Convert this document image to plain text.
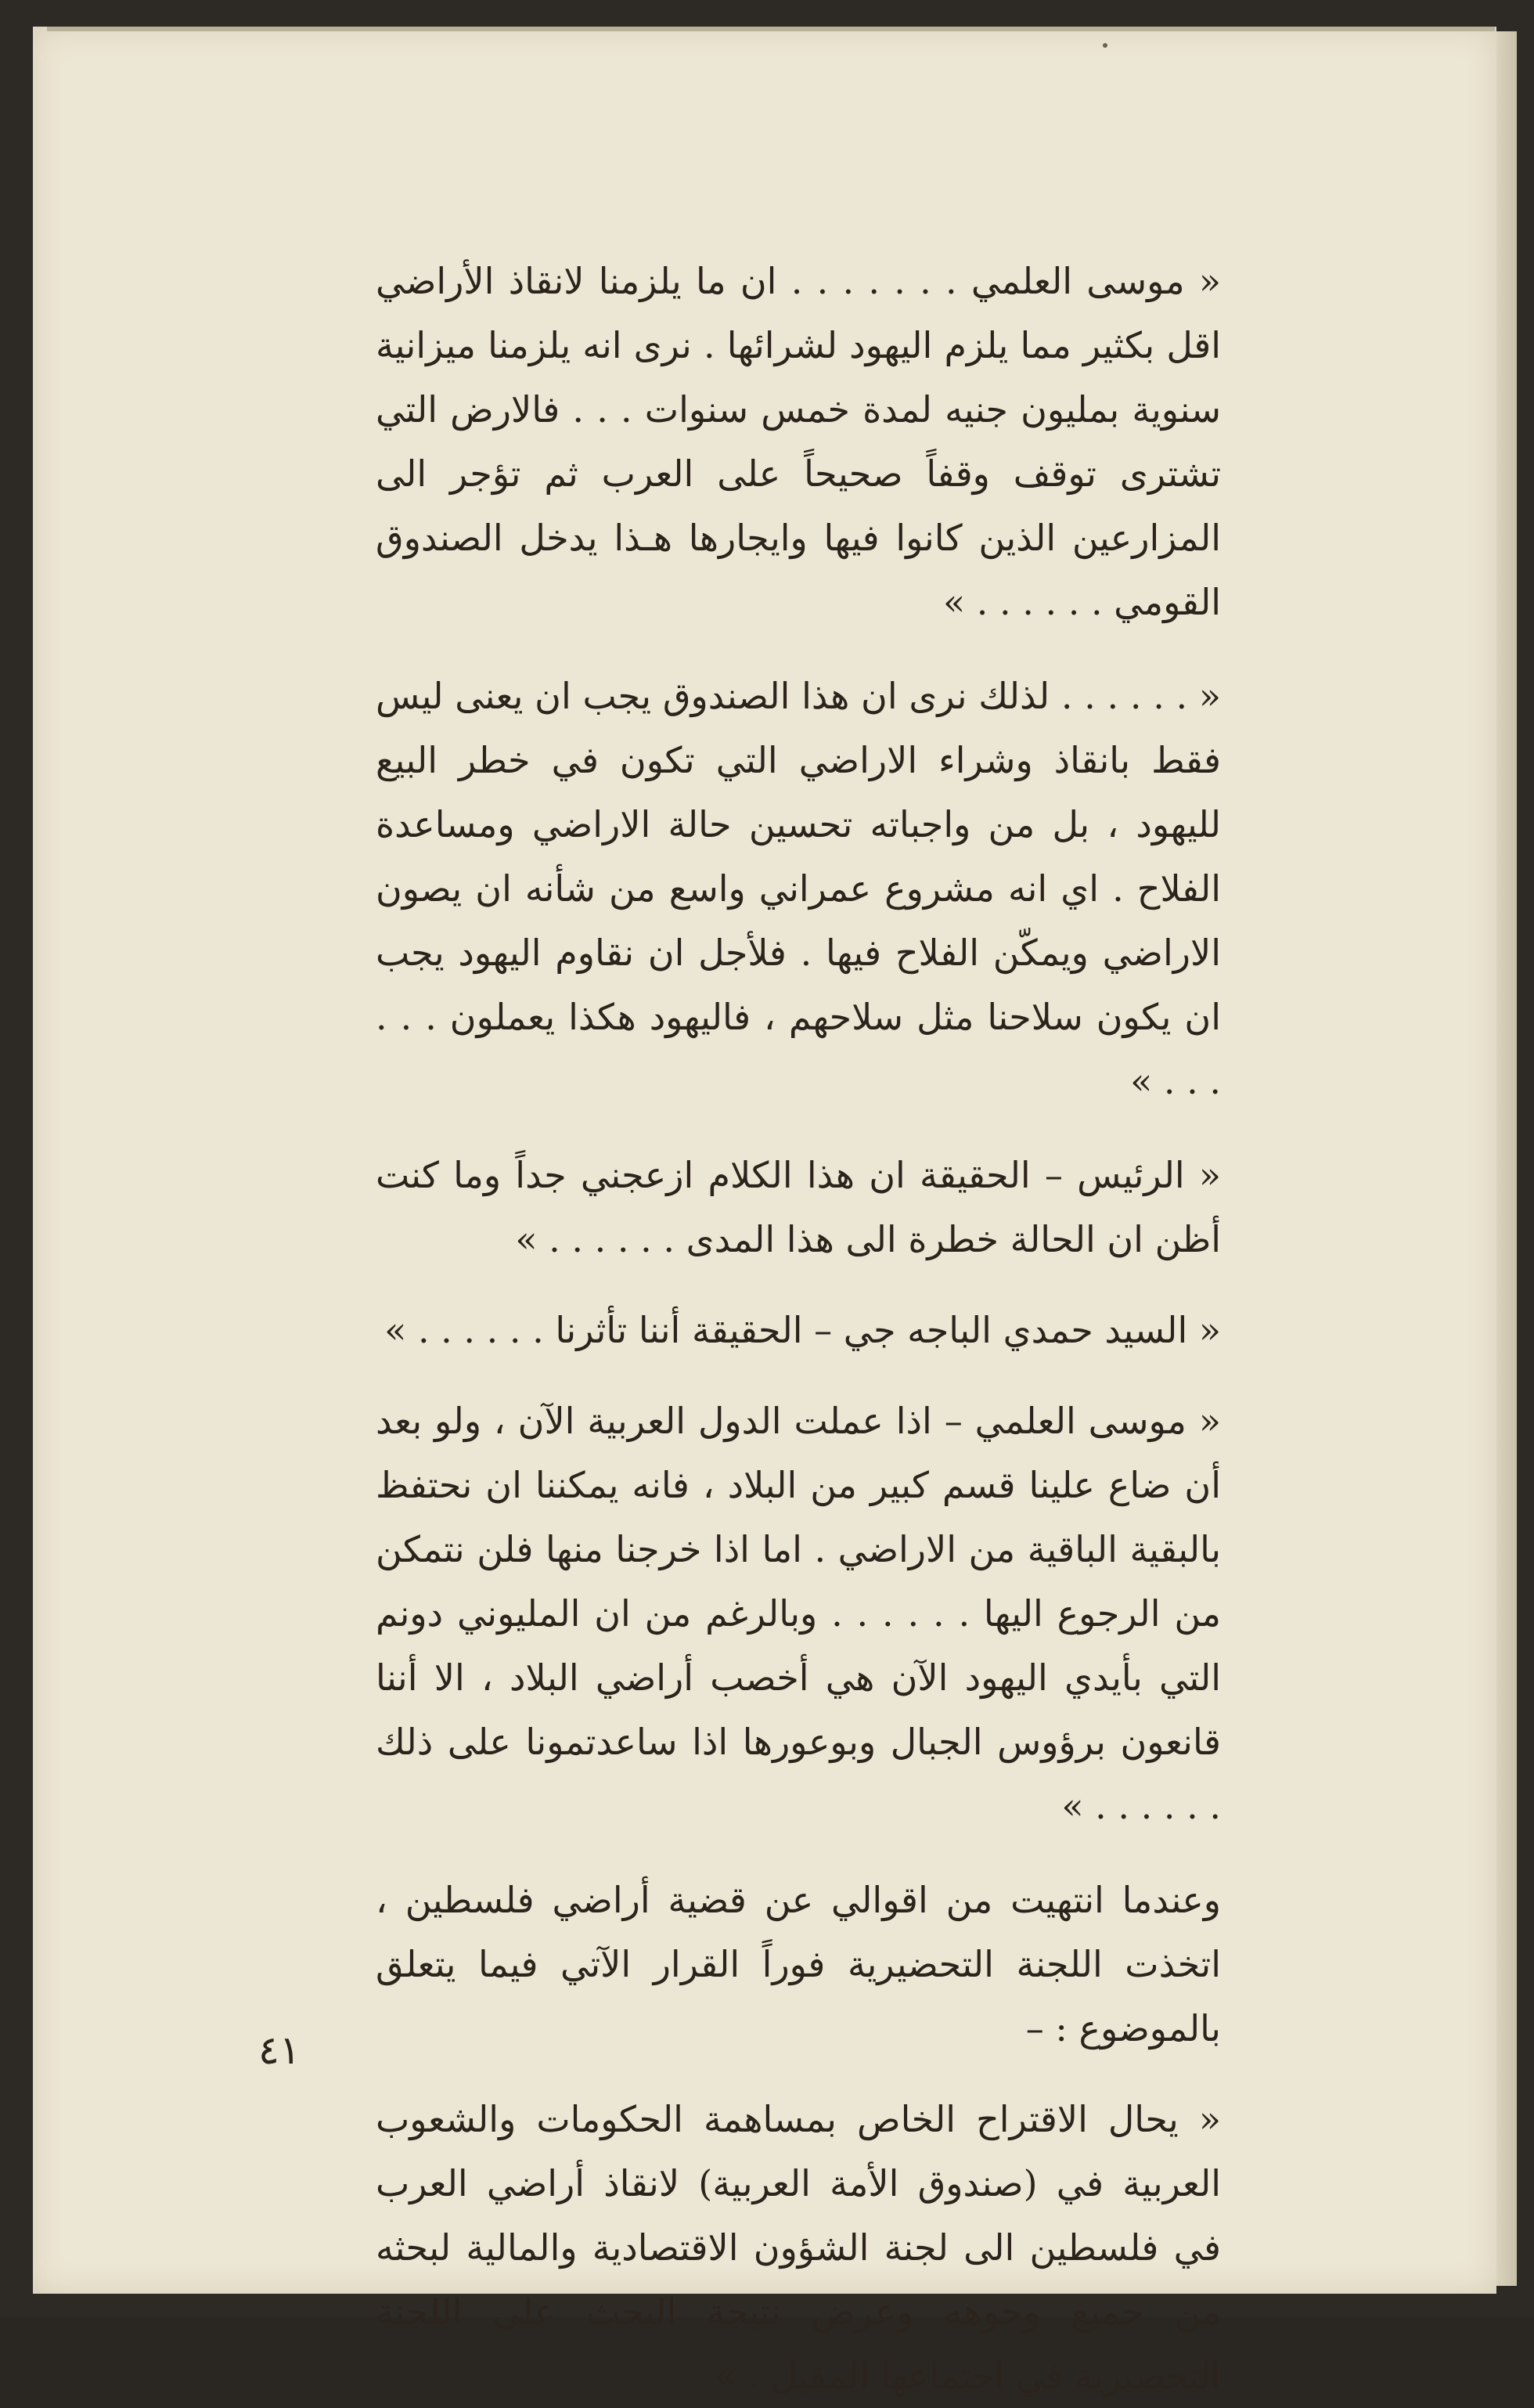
« موسى العلمي . . . . . . . ان ما يلزمنا لانقاذ الأراضي اقل بكثير مما يلزم اليهود لشرائها . نرى انه يلزمنا ميزانية سنوية بمليون جنيه لمدة خمس سنوات . . . فالارض التي تشترى توقف وقفاً صحيحاً على العرب ثم تؤجر الى المزارعين الذين كانوا فيها وايجارها هـذا يدخل الصندوق القومي . . . . . . »

« . . . . . . لذلك نرى ان هذا الصندوق يجب ان يعنى ليس فقط بانقاذ وشراء الاراضي التي تكون في خطر البيع لليهود ، بل من واجباته تحسين حالة الاراضي ومساعدة الفلاح . اي انه مشروع عمراني واسع من شأنه ان يصون الاراضي ويمكّن الفلاح فيها . فلأجل ان نقاوم اليهود يجب ان يكون سلاحنا مثل سلاحهم ، فاليهود هكذا يعملون . . . . . . »

« الرئيس – الحقيقة ان هذا الكلام ازعجني جداً وما كنت أظن ان الحالة خطرة الى هذا المدى . . . . . . »

« السيد حمدي الباجه جي – الحقيقة أننا تأثرنا . . . . . . »

« موسى العلمي – اذا عملت الدول العربية الآن ، ولو بعد أن ضاع علينا قسم كبير من البلاد ، فانه يمكننا ان نحتفظ بالبقية الباقية من الاراضي . اما اذا خرجنا منها فلن نتمكن من الرجوع اليها . . . . . . وبالرغم من ان المليوني دونم التي بأيدي اليهود الآن هي أخصب أراضي البلاد ، الا أننا قانعون برؤوس الجبال وبوعورها اذا ساعدتمونا على ذلك . . . . . . »

وعندما انتهيت من اقوالي عن قضية أراضي فلسطين ، اتخذت اللجنة التحضيرية فوراً القرار الآتي فيما يتعلق بالموضوع : –

« يحال الاقتراح الخاص بمساهمة الحكومات والشعوب العربية في (صندوق الأمة العربية) لانقاذ أراضي العرب في فلسطين الى لجنة الشؤون الاقتصادية والمالية لبحثه من جميع وجوهه وعرض نتيجة البحث على اللجنة التحضيرية في اجتماعها المقبل . »

٤١
